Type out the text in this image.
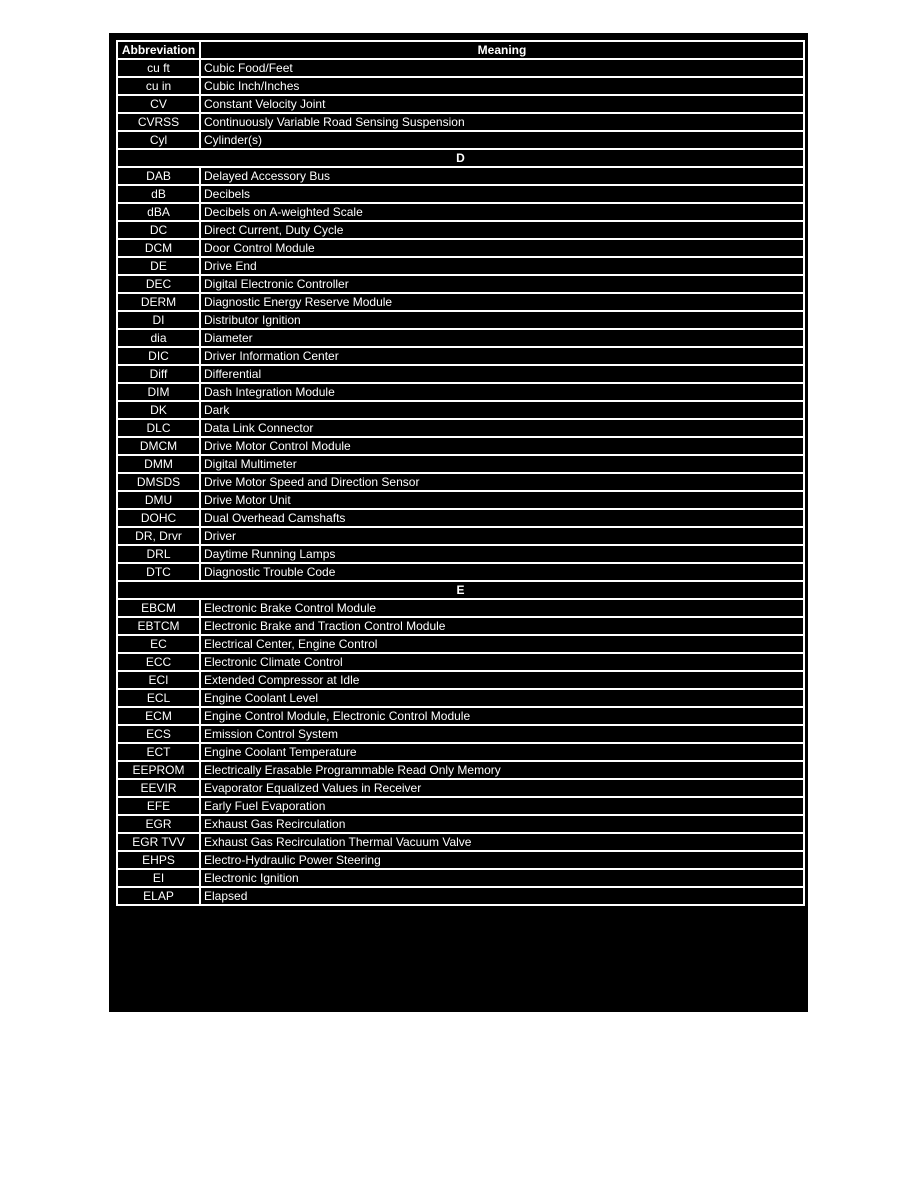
Abbreviation	Meaning
cu ft	Cubic Food/Feet
cu in	Cubic Inch/Inches
CV	Constant Velocity Joint
CVRSS	Continuously Variable Road Sensing Suspension
Cyl	Cylinder(s)
D	
DAB	Delayed Accessory Bus
dB	Decibels
dBA	Decibels on A-weighted Scale
DC	Direct Current, Duty Cycle
DCM	Door Control Module
DE	Drive End
DEC	Digital Electronic Controller
DERM	Diagnostic Energy Reserve Module
DI	Distributor Ignition
dia	Diameter
DIC	Driver Information Center
Diff	Differential
DIM	Dash Integration Module
DK	Dark
DLC	Data Link Connector
DMCM	Drive Motor Control Module
DMM	Digital Multimeter
DMSDS	Drive Motor Speed and Direction Sensor
DMU	Drive Motor Unit
DOHC	Dual Overhead Camshafts
DR, Drvr	Driver
DRL	Daytime Running Lamps
DTC	Diagnostic Trouble Code
E	
EBCM	Electronic Brake Control Module
EBTCM	Electronic Brake and Traction Control Module
EC	Electrical Center, Engine Control
ECC	Electronic Climate Control
ECI	Extended Compressor at Idle
ECL	Engine Coolant Level
ECM	Engine Control Module, Electronic Control Module
ECS	Emission Control System
ECT	Engine Coolant Temperature
EEPROM	Electrically Erasable Programmable Read Only Memory
EEVIR	Evaporator Equalized Values in Receiver
EFE	Early Fuel Evaporation
EGR	Exhaust Gas Recirculation
EGR TVV	Exhaust Gas Recirculation Thermal Vacuum Valve
EHPS	Electro-Hydraulic Power Steering
EI	Electronic Ignition
ELAP	Elapsed
